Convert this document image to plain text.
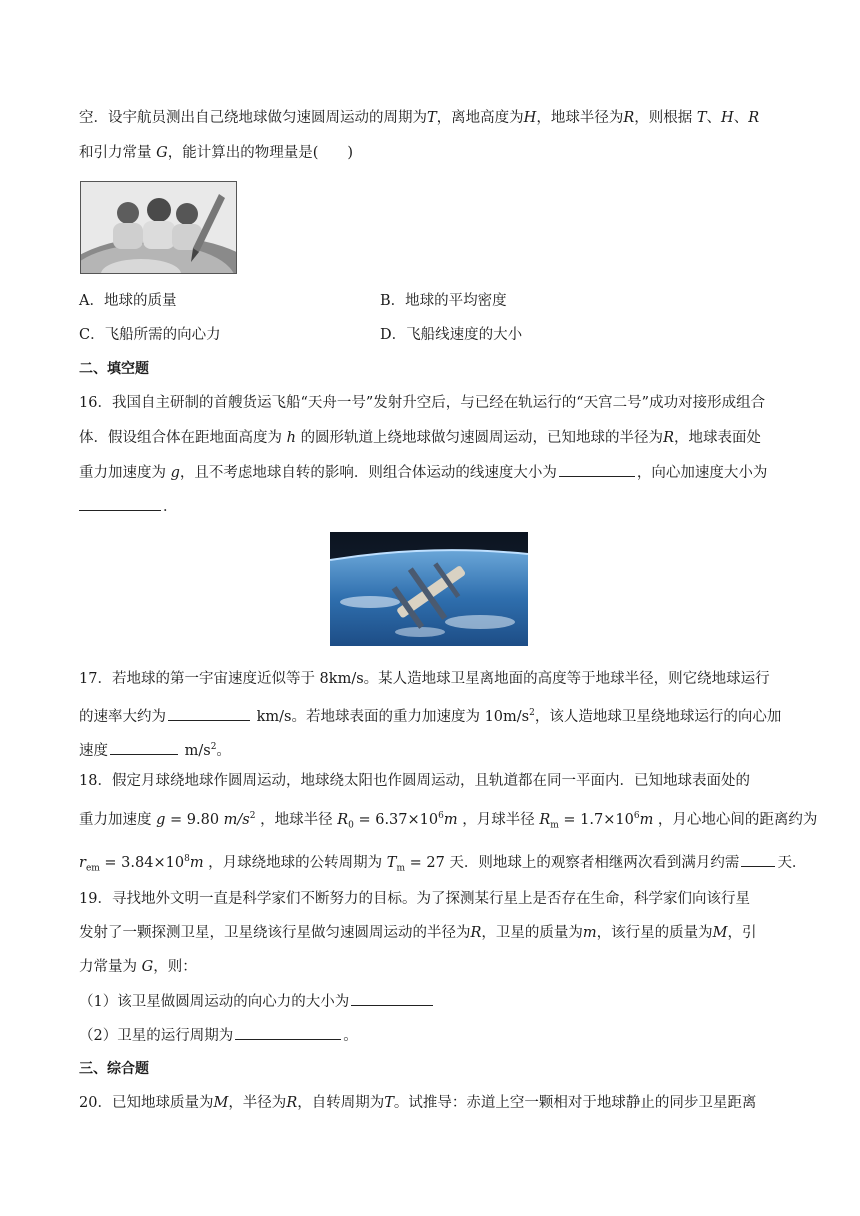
空．设宇航员测出自己绕地球做匀速圆周运动的周期为T，离地高度为H，地球半径为R，则根据 T、H、R
和引力常量 G，能计算出的物理量是(　　)
A．地球的质量	B．地球的平均密度
C．飞船所需的向心力	D．飞船线速度的大小
二、填空题
16．我国自主研制的首艘货运飞船“天舟一号”发射升空后，与已经在轨运行的“天宫二号”成功对接形成组合
体．假设组合体在距地面高度为 h 的圆形轨道上绕地球做匀速圆周运动，已知地球的半径为R，地球表面处
重力加速度为 g，且不考虑地球自转的影响．则组合体运动的线速度大小为	，向心加速度大小为
．
17．若地球的第一宇宙速度近似等于 8km/s。某人造地球卫星离地面的高度等于地球半径，则它绕地球运行
的速率大约为	km/s。若地球表面的重力加速度为 $10m/s^2$，该人造地球卫星绕地球运行的向心加
速度	$m/s^2$。
18．假定月球绕地球作圆周运动，地球绕太阳也作圆周运动，且轨道都在同一平面内．已知地球表面处的
重力加速度 g = 9.80 $m/s^2$ ，地球半径 $R_0 = 6.37\times 10^6m$ ，月球半径 $R_m = 1.7\times 10^6m$ ，月心地心间的距离约为
$r_{em} = 3.84\times 10^8m$ ，月球绕地球的公转周期为 $T_m = 27$ 天．则地球上的观察者相继两次看到满月约需	天．
19．寻找地外文明一直是科学家们不断努力的目标。为了探测某行星上是否存在生命，科学家们向该行星
发射了一颗探测卫星，卫星绕该行星做匀速圆周运动的半径为R，卫星的质量为m，该行星的质量为M，引
力常量为 G，则：
（1）该卫星做圆周运动的向心力的大小为
（2）卫星的运行周期为	。
三、综合题
20．已知地球质量为M，半径为R，自转周期为T。试推导：赤道上空一颗相对于地球静止的同步卫星距离
